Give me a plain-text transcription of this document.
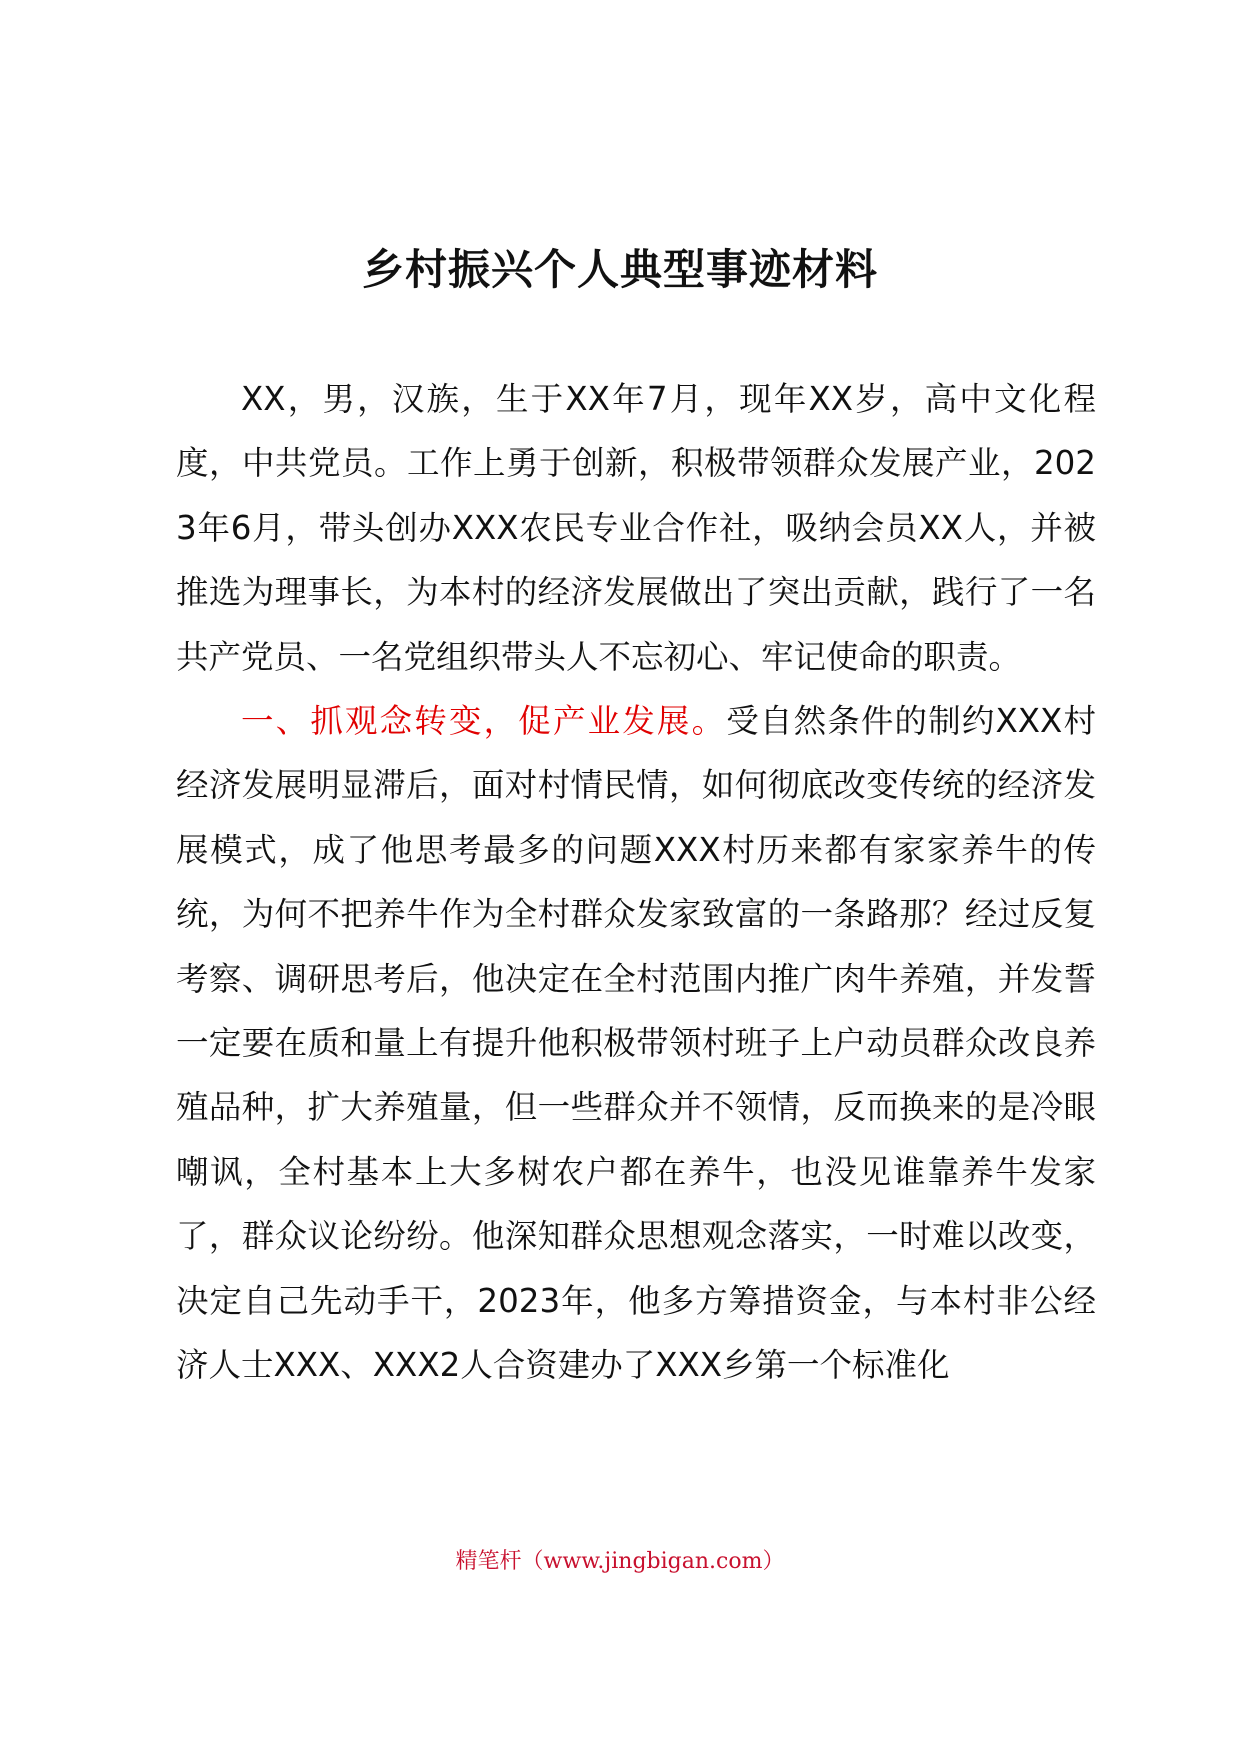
乡村振兴个人典型事迹材料

XX，男，汉族，生于XX年7月，现年XX岁，高中文化程度，中共党员。工作上勇于创新，积极带领群众发展产业，2023年6月，带头创办XXX农民专业合作社，吸纳会员XX人，并被推选为理事长，为本村的经济发展做出了突出贡献，践行了一名共产党员、一名党组织带头人不忘初心、牢记使命的职责。

一、抓观念转变，促产业发展。受自然条件的制约XXX村经济发展明显滞后，面对村情民情，如何彻底改变传统的经济发展模式，成了他思考最多的问题XXX村历来都有家家养牛的传统，为何不把养牛作为全村群众发家致富的一条路那？经过反复考察、调研思考后，他决定在全村范围内推广肉牛养殖，并发誓一定要在质和量上有提升他积极带领村班子上户动员群众改良养殖品种，扩大养殖量，但一些群众并不领情，反而换来的是冷眼嘲讽，全村基本上大多树农户都在养牛，也没见谁靠养牛发家了，群众议论纷纷。他深知群众思想观念落实，一时难以改变，决定自己先动手干，2023年，他多方筹措资金，与本村非公经济人士XXX、XXX2人合资建办了XXX乡第一个标准化

精笔杆（www.jingbigan.com）
